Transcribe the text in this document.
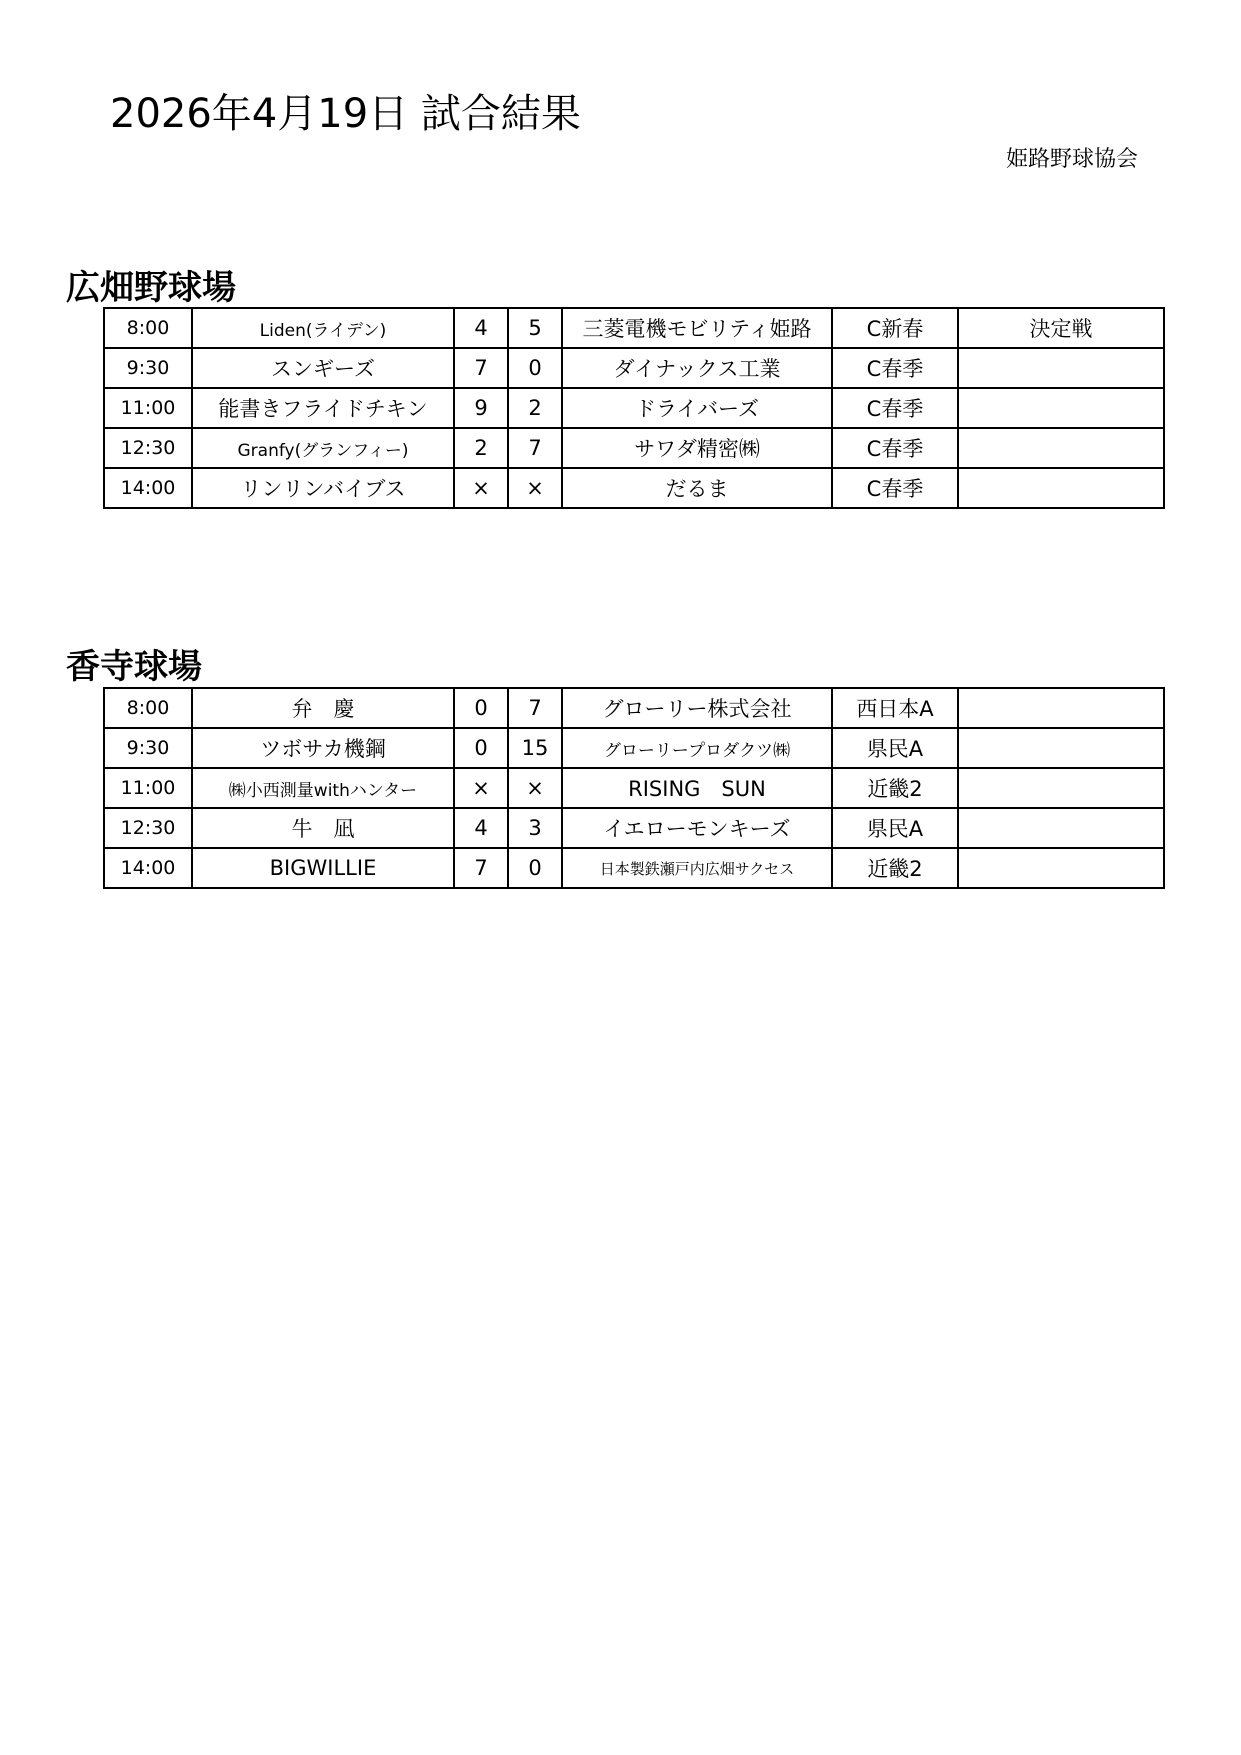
2026年4月19日 試合結果
姫路野球協会
広畑野球場
8:00	Liden(ライデン)	4	5	三菱電機モビリティ姫路	C新春	決定戦
9:30	スンギーズ	7	0	ダイナックス工業	C春季	
11:00	能書きフライドチキン	9	2	ドライバーズ	C春季	
12:30	Granfy(グランフィー)	2	7	サワダ精密㈱	C春季	
14:00	リンリンバイブス	×	×	だるま	C春季	
香寺球場
8:00	弁　慶	0	7	グローリー株式会社	西日本A	
9:30	ツボサカ機鋼	0	15	グローリープロダクツ㈱	県民A	
11:00	㈱小西測量withハンター	×	×	RISING　SUN	近畿2	
12:30	牛　凪	4	3	イエローモンキーズ	県民A	
14:00	BIGWILLIE	7	0	日本製鉄瀬戸内広畑サクセス	近畿2	
